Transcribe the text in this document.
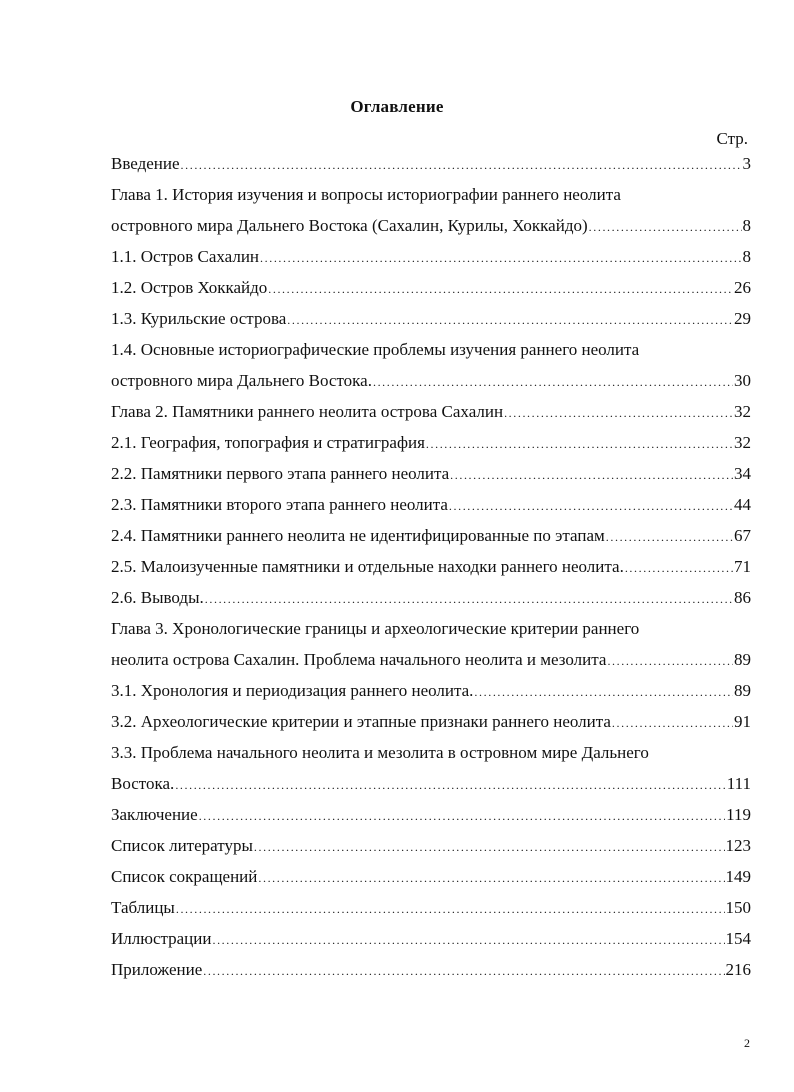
Оглавление
Стр.
Введение .....	3
Глава 1. История изучения и вопросы историографии раннего неолита
островного мира Дальнего Востока (Сахалин, Курилы, Хоккайдо) .....	8
1.1. Остров Сахалин .....	8
1.2. Остров Хоккайдо .....	26
1.3. Курильские острова .....	29
1.4. Основные историографические проблемы изучения раннего неолита
островного мира Дальнего Востока. .....	30
Глава 2. Памятники раннего неолита острова Сахалин .....	32
2.1. География, топография и стратиграфия .....	32
2.2. Памятники первого этапа раннего неолита .....	34
2.3. Памятники второго этапа раннего неолита .....	44
2.4. Памятники раннего неолита не идентифицированные по этапам .....	67
2.5. Малоизученные памятники и отдельные находки раннего неолита. .....	71
2.6. Выводы. .....	86
Глава 3. Хронологические границы и археологические критерии раннего
неолита острова Сахалин. Проблема начального неолита и мезолита .....	89
3.1. Хронология и периодизация раннего неолита. .....	89
3.2. Археологические критерии и этапные признаки раннего неолита .....	91
3.3. Проблема начального неолита и мезолита в островном мире Дальнего
Востока. .....	111
Заключение .....	119
Список литературы .....	123
Список сокращений .....	149
Таблицы .....	150
Иллюстрации .....	154
Приложение .....	216
2
